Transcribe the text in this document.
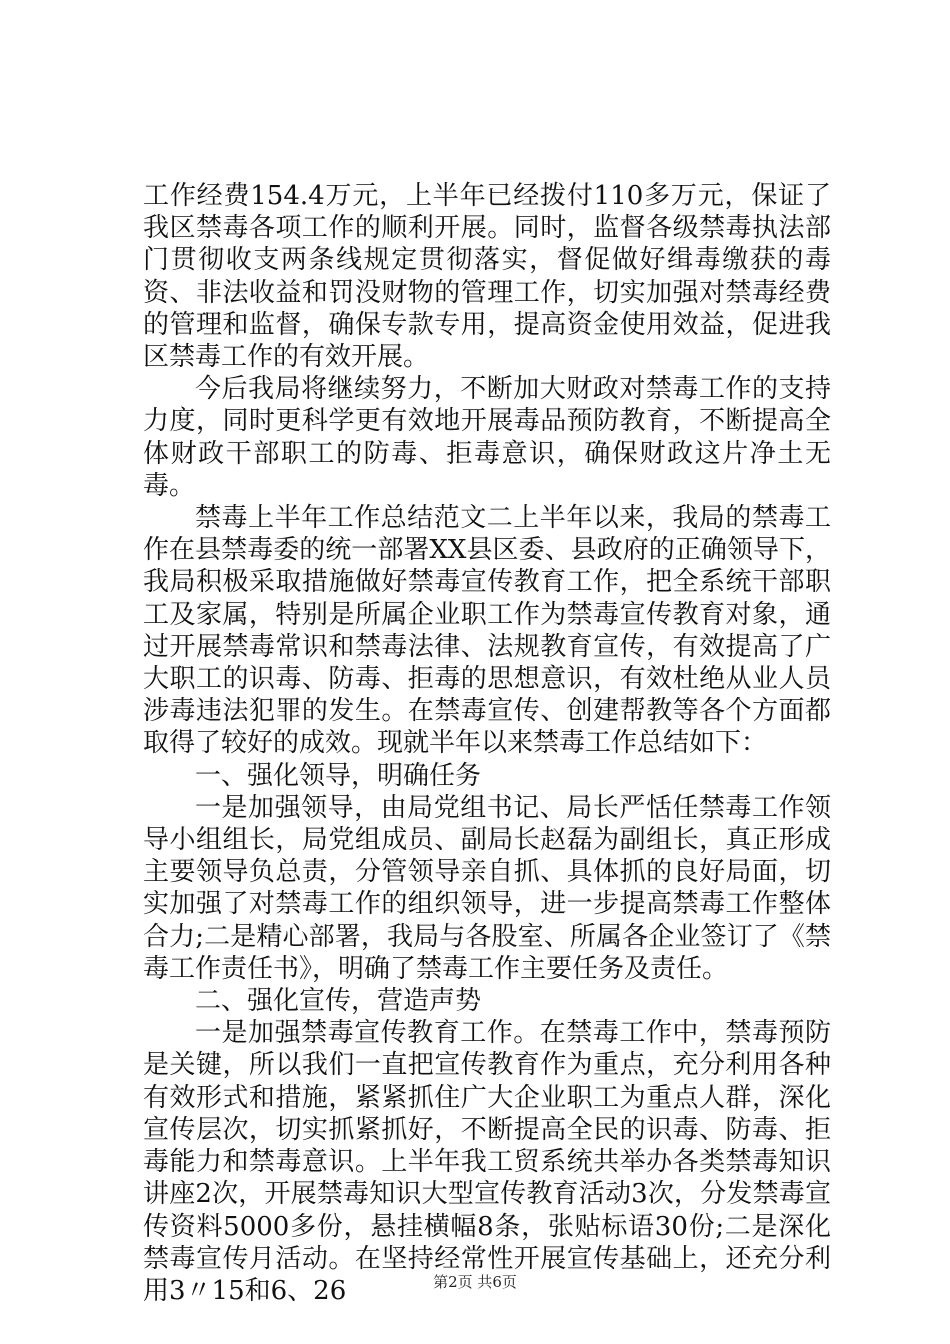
工作经费154.4万元，上半年已经拨付110多万元，保证了我区禁毒各项工作的顺利开展。同时，监督各级禁毒执法部门贯彻收支两条线规定贯彻落实，督促做好缉毒缴获的毒资、非法收益和罚没财物的管理工作，切实加强对禁毒经费的管理和监督，确保专款专用，提高资金使用效益，促进我区禁毒工作的有效开展。

今后我局将继续努力，不断加大财政对禁毒工作的支持力度，同时更科学更有效地开展毒品预防教育，不断提高全体财政干部职工的防毒、拒毒意识，确保财政这片净土无毒。

禁毒上半年工作总结范文二上半年以来，我局的禁毒工作在县禁毒委的统一部署XX县区委、县政府的正确领导下，我局积极采取措施做好禁毒宣传教育工作，把全系统干部职工及家属，特别是所属企业职工作为禁毒宣传教育对象，通过开展禁毒常识和禁毒法律、法规教育宣传，有效提高了广大职工的识毒、防毒、拒毒的思想意识，有效杜绝从业人员涉毒违法犯罪的发生。在禁毒宣传、创建帮教等各个方面都取得了较好的成效。现就半年以来禁毒工作总结如下：

一、强化领导，明确任务

一是加强领导，由局党组书记、局长严恬任禁毒工作领导小组组长，局党组成员、副局长赵磊为副组长，真正形成主要领导负总责，分管领导亲自抓、具体抓的良好局面，切实加强了对禁毒工作的组织领导，进一步提高禁毒工作整体合力;二是精心部署，我局与各股室、所属各企业签订了《禁毒工作责任书》，明确了禁毒工作主要任务及责任。

二、强化宣传，营造声势

一是加强禁毒宣传教育工作。在禁毒工作中，禁毒预防是关键，所以我们一直把宣传教育作为重点，充分利用各种有效形式和措施，紧紧抓住广大企业职工为重点人群，深化宣传层次，切实抓紧抓好，不断提高全民的识毒、防毒、拒毒能力和禁毒意识。上半年我工贸系统共举办各类禁毒知识讲座2次，开展禁毒知识大型宣传教育活动3次，分发禁毒宣传资料5000多份，悬挂横幅8条，张贴标语30份;二是深化禁毒宣传月活动。在坚持经常性开展宣传基础上，还充分利用3〃15和6、26	第2页 共6页
